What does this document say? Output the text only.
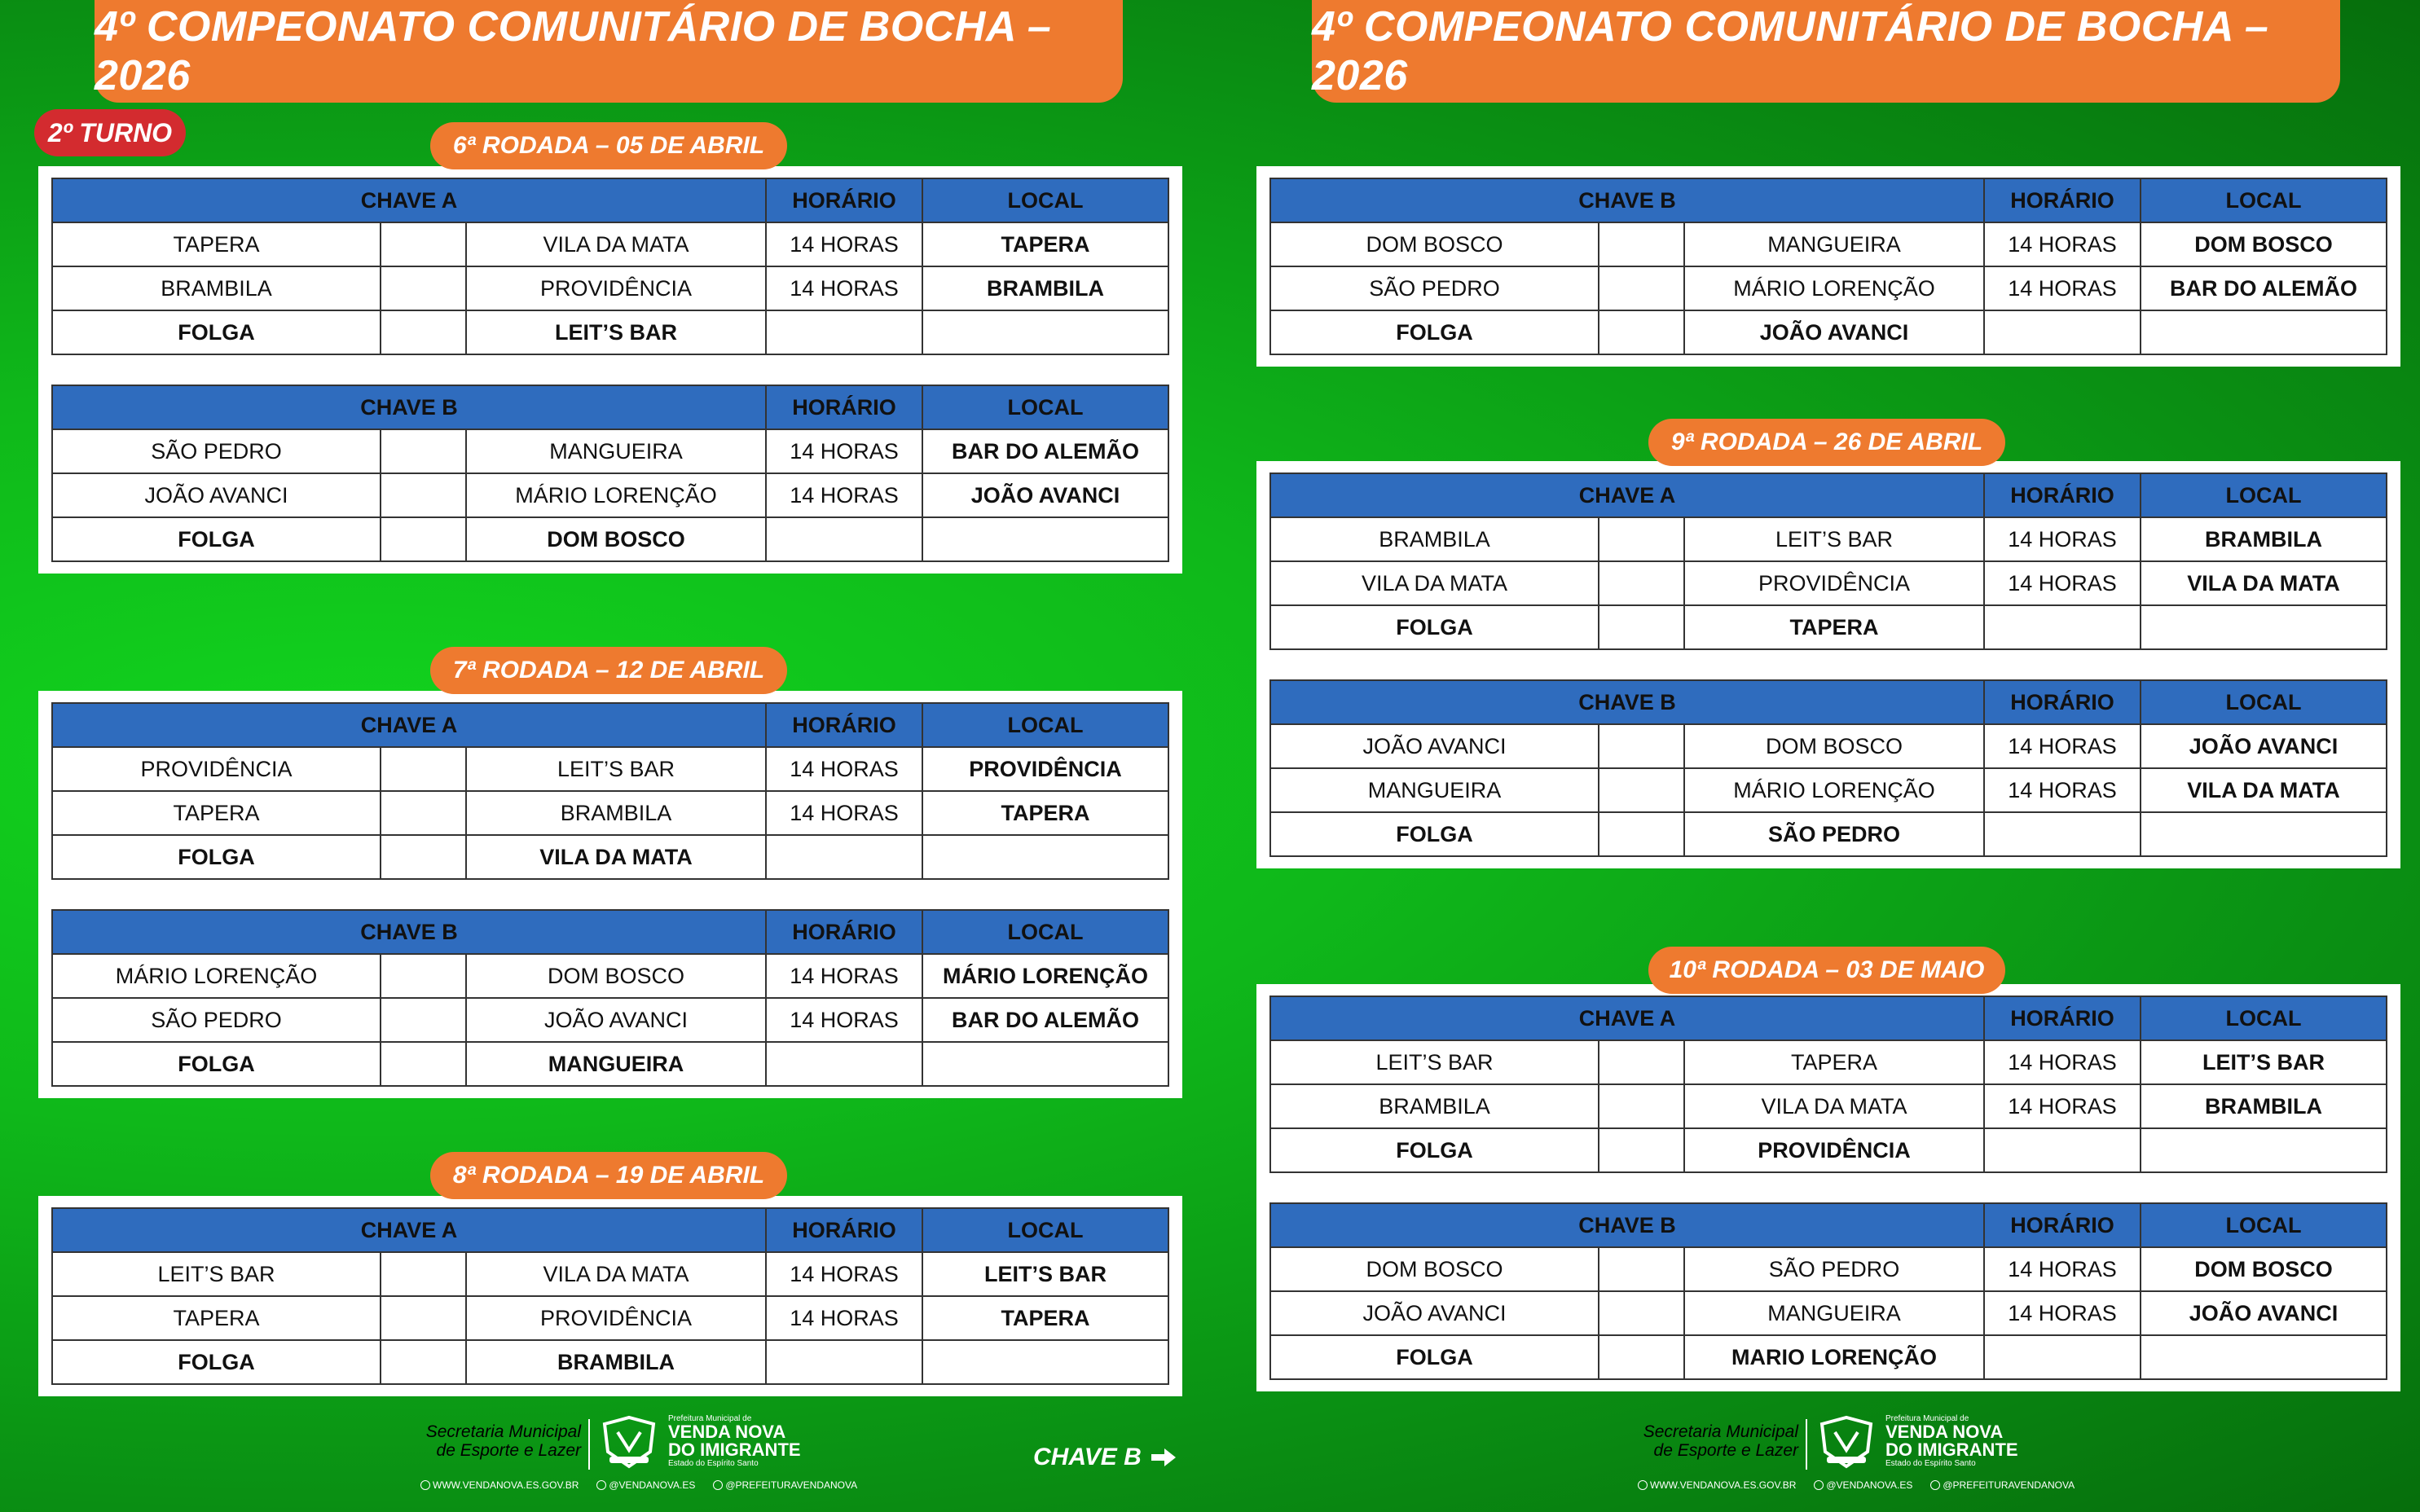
4º COMPEONATO COMUNITÁRIO DE BOCHA – 2026
2º TURNO	6ª RODADA – 05 DE ABRIL
CHAVE A			HORÁRIO	LOCAL
TAPERA		VILA DA MATA	14 HORAS	TAPERA
BRAMBILA		PROVIDÊNCIA	14 HORAS	BRAMBILA
FOLGA		LEIT’S BAR		
CHAVE B			HORÁRIO	LOCAL
SÃO PEDRO		MANGUEIRA	14 HORAS	BAR DO ALEMÃO
JOÃO AVANCI		MÁRIO LORENÇÃO	14 HORAS	JOÃO AVANCI
FOLGA		DOM BOSCO		
7ª RODADA – 12 DE ABRIL
CHAVE A			HORÁRIO	LOCAL
PROVIDÊNCIA		LEIT’S BAR	14 HORAS	PROVIDÊNCIA
TAPERA		BRAMBILA	14 HORAS	TAPERA
FOLGA		VILA DA MATA		
CHAVE B			HORÁRIO	LOCAL
MÁRIO LORENÇÃO		DOM BOSCO	14 HORAS	MÁRIO LORENÇÃO
SÃO PEDRO		JOÃO AVANCI	14 HORAS	BAR DO ALEMÃO
FOLGA		MANGUEIRA		
8ª RODADA – 19 DE ABRIL
CHAVE A			HORÁRIO	LOCAL
LEIT’S BAR		VILA DA MATA	14 HORAS	LEIT’S BAR
TAPERA		PROVIDÊNCIA	14 HORAS	TAPERA
FOLGA		BRAMBILA		
Secretaria Municipal
de Esporte e Lazer
Prefeitura Municipal de
VENDA NOVA
DO IMIGRANTE
Estado do Espírito Santo
WWW.VENDANOVA.ES.GOV.BR	@VENDANOVA.ES	@PREFEITURAVENDANOVA
CHAVE B
4º COMPEONATO COMUNITÁRIO DE BOCHA – 2026
CHAVE B			HORÁRIO	LOCAL
DOM BOSCO		MANGUEIRA	14 HORAS	DOM BOSCO
SÃO PEDRO		MÁRIO LORENÇÃO	14 HORAS	BAR DO ALEMÃO
FOLGA		JOÃO AVANCI		
9ª RODADA – 26 DE ABRIL
CHAVE A			HORÁRIO	LOCAL
BRAMBILA		LEIT’S BAR	14 HORAS	BRAMBILA
VILA DA MATA		PROVIDÊNCIA	14 HORAS	VILA DA MATA
FOLGA		TAPERA		
CHAVE B			HORÁRIO	LOCAL
JOÃO AVANCI		DOM BOSCO	14 HORAS	JOÃO AVANCI
MANGUEIRA		MÁRIO LORENÇÃO	14 HORAS	VILA DA MATA
FOLGA		SÃO PEDRO		
10ª RODADA – 03 DE MAIO
CHAVE A			HORÁRIO	LOCAL
LEIT’S BAR		TAPERA	14 HORAS	LEIT’S BAR
BRAMBILA		VILA DA MATA	14 HORAS	BRAMBILA
FOLGA		PROVIDÊNCIA		
CHAVE B			HORÁRIO	LOCAL
DOM BOSCO		SÃO PEDRO	14 HORAS	DOM BOSCO
JOÃO AVANCI		MANGUEIRA	14 HORAS	JOÃO AVANCI
FOLGA		MARIO LORENÇÃO		
Secretaria Municipal
de Esporte e Lazer
Prefeitura Municipal de
VENDA NOVA
DO IMIGRANTE
Estado do Espírito Santo
WWW.VENDANOVA.ES.GOV.BR	@VENDANOVA.ES	@PREFEITURAVENDANOVA
